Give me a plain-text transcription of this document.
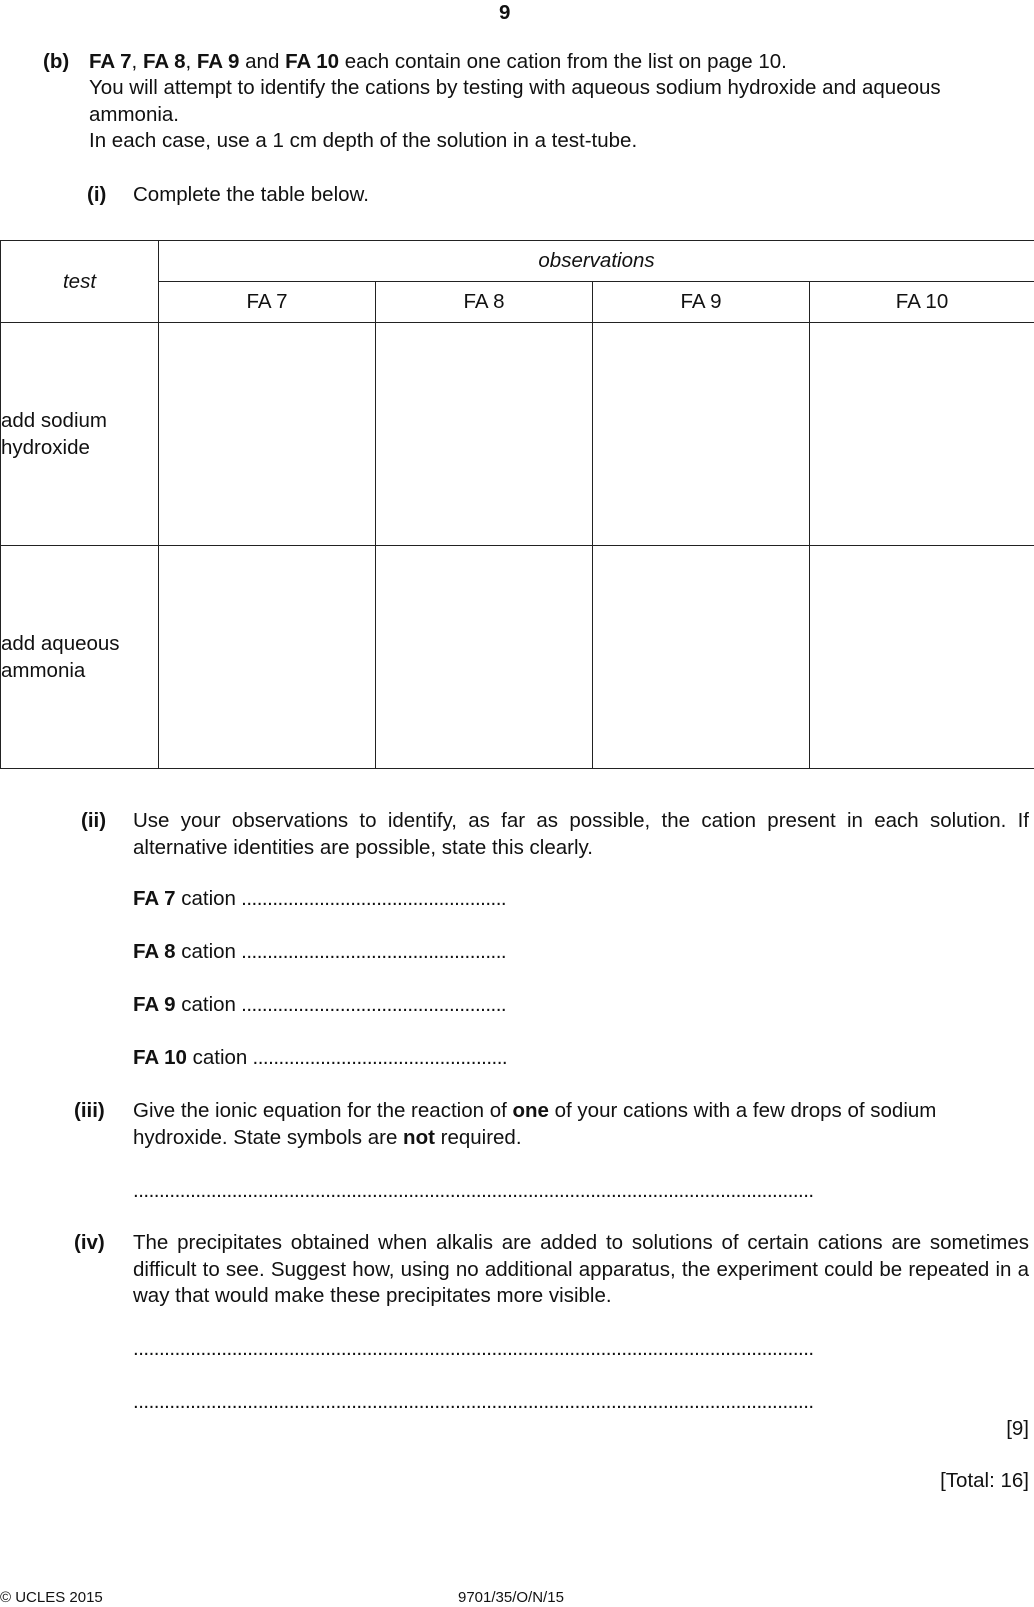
9
(b) FA 7, FA 8, FA 9 and FA 10 each contain one cation from the list on page 10.
You will attempt to identify the cations by testing with aqueous sodium hydroxide and aqueous ammonia.
In each case, use a 1 cm depth of the solution in a test-tube.
(i) Complete the table below.
test	observations			
	FA 7	FA 8	FA 9	FA 10
add sodium hydroxide				
add aqueous ammonia				
(ii) Use your observations to identify, as far as possible, the cation present in each solution. If alternative identities are possible, state this clearly.
FA 7 cation ...................................................
FA 8 cation ...................................................
FA 9 cation ...................................................
FA 10 cation .................................................
(iii) Give the ionic equation for the reaction of one of your cations with a few drops of sodium hydroxide. State symbols are not required.
...................................................................................................................................
(iv) The precipitates obtained when alkalis are added to solutions of certain cations are sometimes difficult to see. Suggest how, using no additional apparatus, the experiment could be repeated in a way that would make these precipitates more visible.
...................................................................................................................................
...................................................................................................................................
[9]
[Total: 16]
© UCLES 2015	9701/35/O/N/15
